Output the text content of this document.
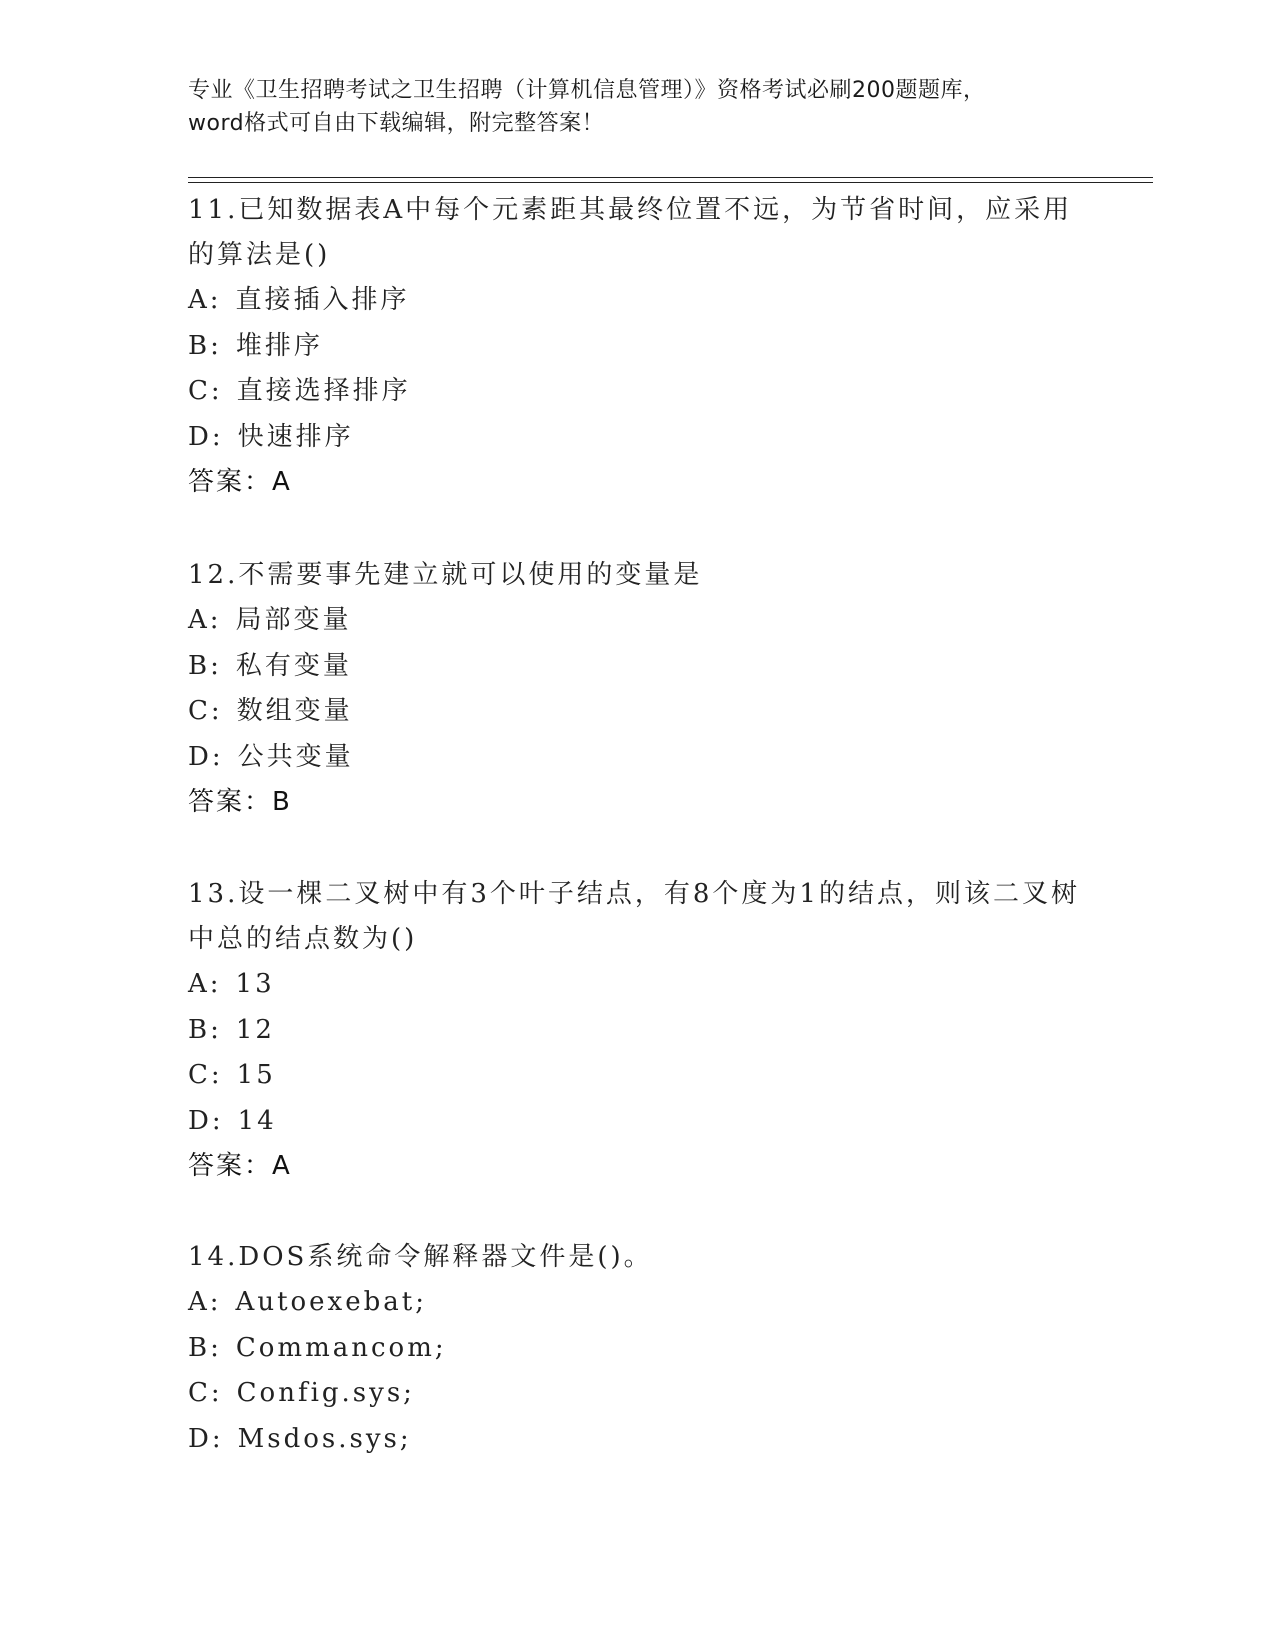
专业《卫生招聘考试之卫生招聘（计算机信息管理）》资格考试必刷200题题库，
word格式可自由下载编辑，附完整答案！
11.已知数据表A中每个元素距其最终位置不远，为节省时间，应采用的算法是()
A: 直接插入排序
B: 堆排序
C: 直接选择排序
D: 快速排序
答案：A
12.不需要事先建立就可以使用的变量是
A: 局部变量
B: 私有变量
C: 数组变量
D: 公共变量
答案：B
13.设一棵二叉树中有3个叶子结点，有8个度为1的结点，则该二叉树中总的结点数为()
A: 13
B: 12
C: 15
D: 14
答案：A
14.DOS系统命令解释器文件是()。
A: Autoexebat;
B: Commancom;
C: Config.sys;
D: Msdos.sys;
